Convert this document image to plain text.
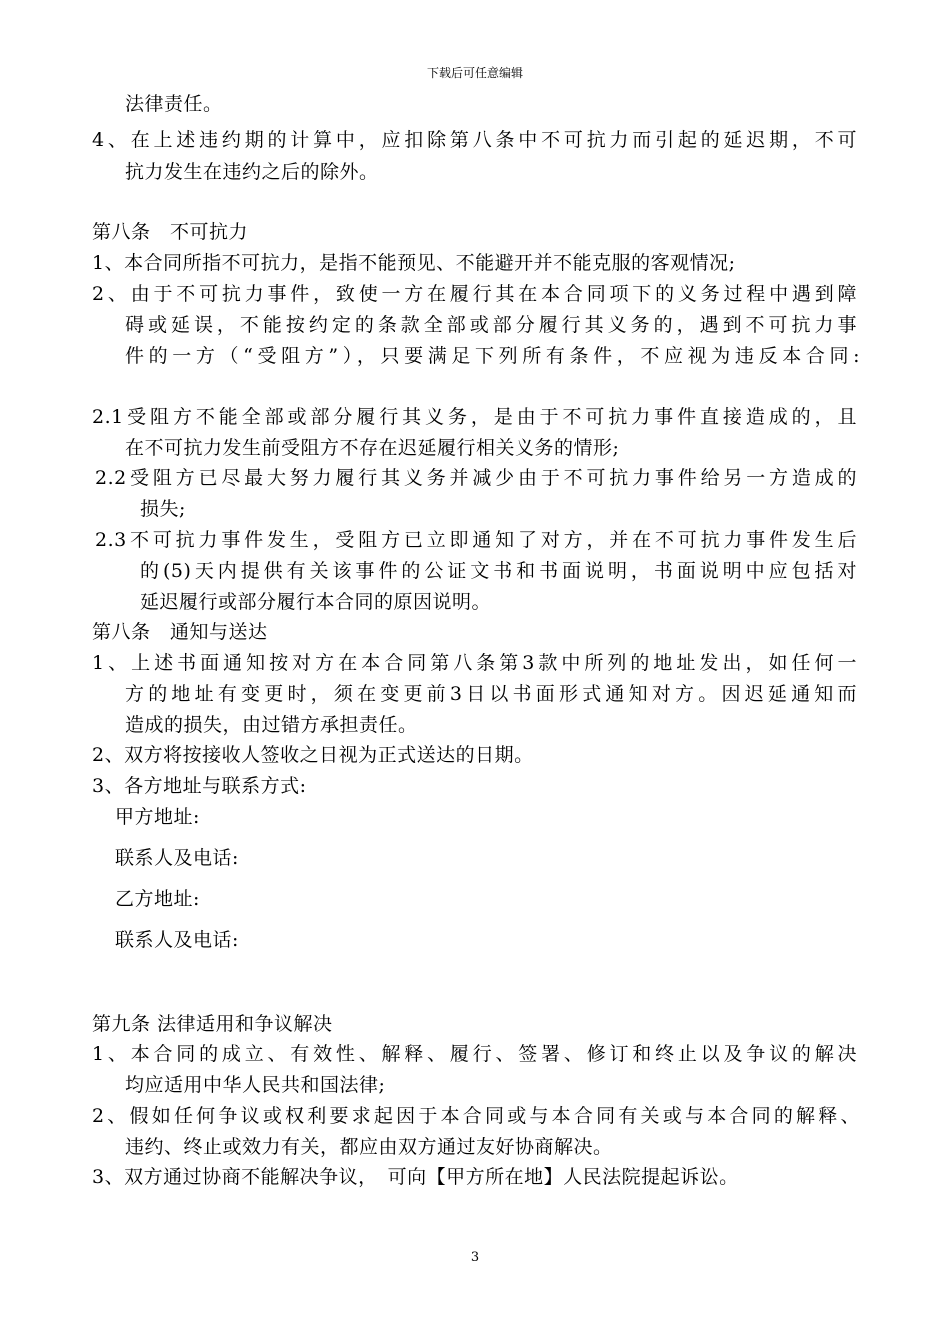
下载后可任意编辑
法律责任。
4、在上述违约期的计算中，应扣除第八条中不可抗力而引起的延迟期，不可
抗力发生在违约之后的除外。
第八条　不可抗力
1、本合同所指不可抗力，是指不能预见、不能避开并不能克服的客观情况;
2、由于不可抗力事件，致使一方在履行其在本合同项下的义务过程中遇到障
碍或延误，不能按约定的条款全部或部分履行其义务的，遇到不可抗力事
件的一方（“受阻方”），只要满足下列所有条件，不应视为违反本合同:
2.1受阻方不能全部或部分履行其义务，是由于不可抗力事件直接造成的，且
在不可抗力发生前受阻方不存在迟延履行相关义务的情形;
2.2受阻方已尽最大努力履行其义务并减少由于不可抗力事件给另一方造成的
损失;
2.3不可抗力事件发生，受阻方已立即通知了对方，并在不可抗力事件发生后
的(5)天内提供有关该事件的公证文书和书面说明，书面说明中应包括对
延迟履行或部分履行本合同的原因说明。
第八条　通知与送达
1、上述书面通知按对方在本合同第八条第3款中所列的地址发出，如任何一
方的地址有变更时，须在变更前3日以书面形式通知对方。因迟延通知而
造成的损失，由过错方承担责任。
2、双方将按接收人签收之日视为正式送达的日期。
3、各方地址与联系方式:
甲方地址:
联系人及电话:
乙方地址:
联系人及电话:
第九条 法律适用和争议解决
1、本合同的成立、有效性、解释、履行、签署、修订和终止以及争议的解决
均应适用中华人民共和国法律;
2、假如任何争议或权利要求起因于本合同或与本合同有关或与本合同的解释、
违约、终止或效力有关，都应由双方通过友好协商解决。
3、双方通过协商不能解决争议，　可向【甲方所在地】人民法院提起诉讼。
3
